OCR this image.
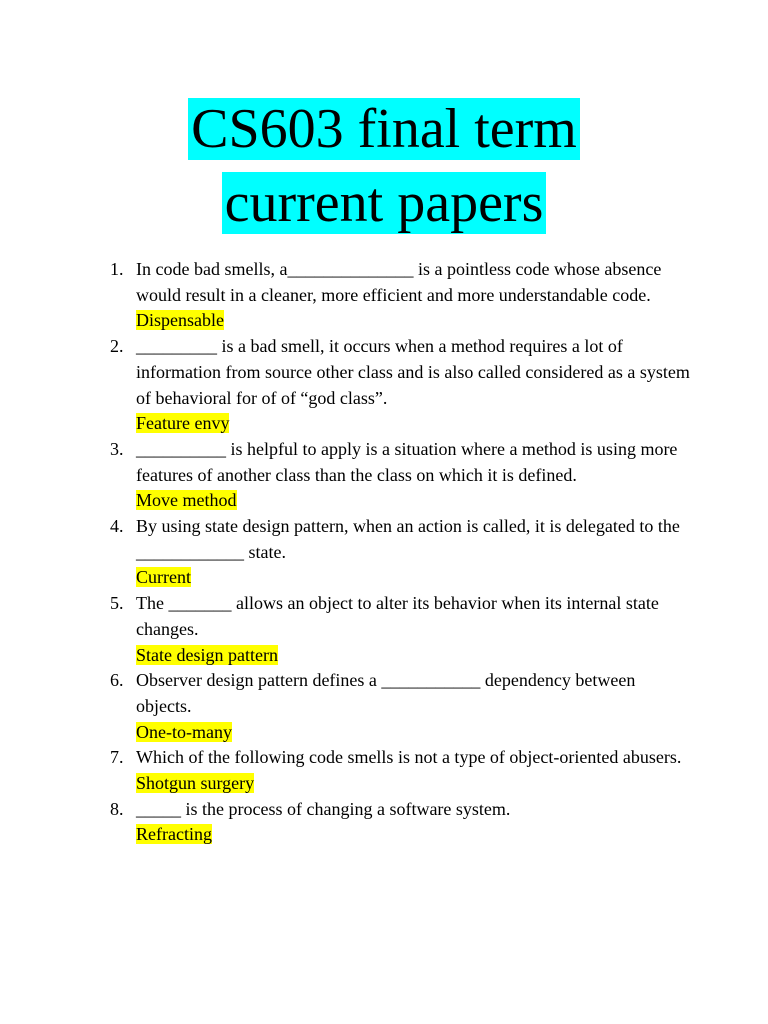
CS603 final term
current papers
1. In code bad smells, a______________ is a pointless code whose absence would result in a cleaner, more efficient and more understandable code.
Dispensable
2. _________ is a bad smell, it occurs when a method requires a lot of information from source other class and is also called considered as a system of behavioral for of of “god class”.
Feature envy
3. __________ is helpful to apply is a situation where a method is using more features of another class than the class on which it is defined.
Move method
4. By using state design pattern, when an action is called, it is delegated to the ____________ state.
Current
5. The _______ allows an object to alter its behavior when its internal state changes.
State design pattern
6. Observer design pattern defines a ___________ dependency between objects.
One-to-many
7. Which of the following code smells is not a type of object-oriented abusers.
Shotgun surgery
8. _____ is the process of changing a software system.
Refracting
